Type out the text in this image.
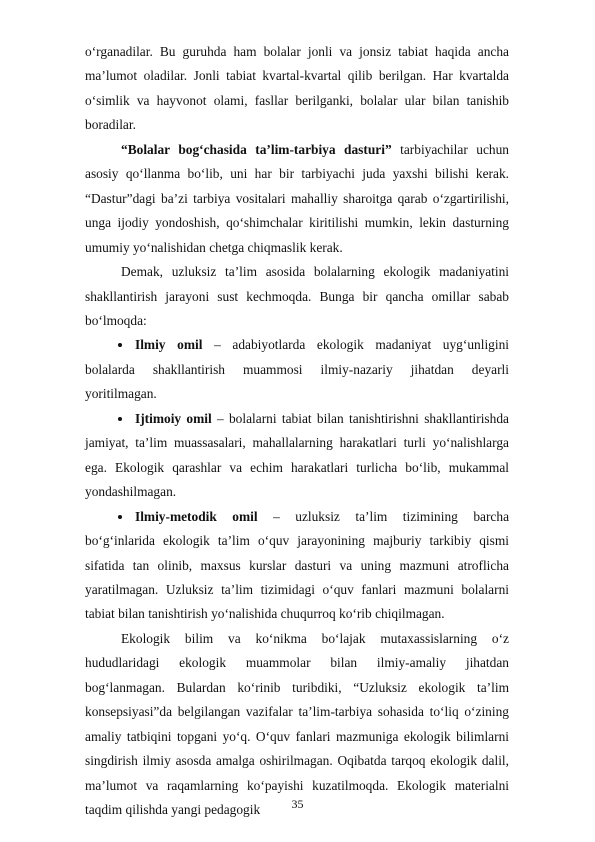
o‘rganadilar. Bu guruhda ham bolalar jonli va jonsiz tabiat haqida ancha ma’lumot oladilar. Jonli tabiat kvartal-kvartal qilib berilgan. Har kvartalda o‘simlik va hayvonot olami, fasllar berilganki, bolalar ular bilan tanishib boradilar.

“Bolalar bog‘chasida ta’lim-tarbiya dasturi” tarbiyachilar uchun asosiy qo‘llanma bo‘lib, uni har bir tarbiyachi juda yaxshi bilishi kerak. “Dastur”dagi ba’zi tarbiya vositalari mahalliy sharoitga qarab o‘zgartirilishi, unga ijodiy yondoshish, qo‘shimchalar kiritilishi mumkin, lekin dasturning umumiy yo‘nalishidan chetga chiqmaslik kerak.

Demak, uzluksiz ta’lim asosida bolalarning ekologik madaniyatini shakllantirish jarayoni sust kechmoqda. Bunga bir qancha omillar sabab bo‘lmoqda:

Ilmiy omil – adabiyotlarda ekologik madaniyat uyg‘unligini bolalarda shakllantirish muammosi ilmiy-nazariy jihatdan deyarli yoritilmagan.

Ijtimoiy omil – bolalarni tabiat bilan tanishtirishni shakllantirishda jamiyat, ta’lim muassasalari, mahallalarning harakatlari turli yo‘nalishlarga ega. Ekologik qarashlar va echim harakatlari turlicha bo‘lib, mukammal yondashilmagan.

Ilmiy-metodik omil – uzluksiz ta’lim tizimining barcha bo‘g‘inlarida ekologik ta’lim o‘quv jarayonining majburiy tarkibiy qismi sifatida tan olinib, maxsus kurslar dasturi va uning mazmuni atroflicha yaratilmagan. Uzluksiz ta’lim tizimidagi o‘quv fanlari mazmuni bolalarni tabiat bilan tanishtirish yo‘nalishida chuqurroq ko‘rib chiqilmagan.

Ekologik bilim va ko‘nikma bo‘lajak mutaxassislarning o‘z hududlaridagi ekologik muammolar bilan ilmiy-amaliy jihatdan bog‘lanmagan. Bulardan ko‘rinib turibdiki, “Uzluksiz ekologik ta’lim konsepsiyasi”da belgilangan vazifalar ta’lim-tarbiya sohasida to‘liq o‘zining amaliy tatbiqini topgani yo‘q. O‘quv fanlari mazmuniga ekologik bilimlarni singdirish ilmiy asosda amalga oshirilmagan. Oqibatda tarqoq ekologik dalil, ma’lumot va raqamlarning ko‘payishi kuzatilmoqda. Ekologik materialni taqdim qilishda yangi pedagogik	35
